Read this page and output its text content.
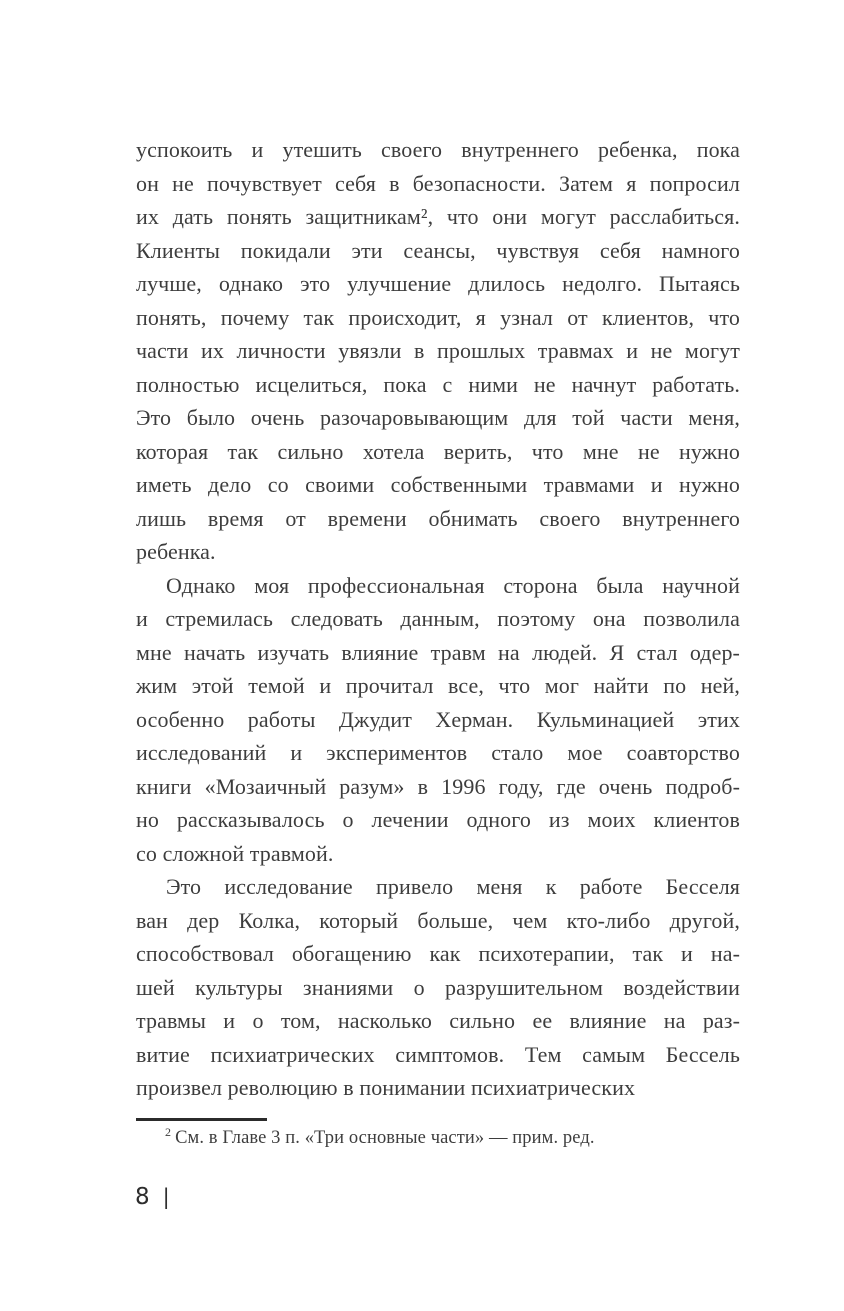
успокоить и утешить своего внутреннего ребенка, пока
он не почувствует себя в безопасности. Затем я попросил
их дать понять защитникам², что они могут расслабиться.
Клиенты покидали эти сеансы, чувствуя себя намного
лучше, однако это улучшение длилось недолго. Пытаясь
понять, почему так происходит, я узнал от клиентов, что
части их личности увязли в прошлых травмах и не могут
полностью исцелиться, пока с ними не начнут работать.
Это было очень разочаровывающим для той части меня,
которая так сильно хотела верить, что мне не нужно
иметь дело со своими собственными травмами и нужно
лишь время от времени обнимать своего внутреннего
ребенка.
Однако моя профессиональная сторона была научной
и стремилась следовать данным, поэтому она позволила
мне начать изучать влияние травм на людей. Я стал одер-
жим этой темой и прочитал все, что мог найти по ней,
особенно работы Джудит Херман. Кульминацией этих
исследований и экспериментов стало мое соавторство
книги «Мозаичный разум» в 1996 году, где очень подроб-
но рассказывалось о лечении одного из моих клиентов
со сложной травмой.
Это исследование привело меня к работе Бесселя
ван дер Колка, который больше, чем кто-либо другой,
способствовал обогащению как психотерапии, так и на-
шей культуры знаниями о разрушительном воздействии
травмы и о том, насколько сильно ее влияние на раз-
витие психиатрических симптомов. Тем самым Бессель
произвел революцию в понимании психиатрических

$^2$ См. в Главе 3 п. «Три основные части» — прим. ред.

8 |
